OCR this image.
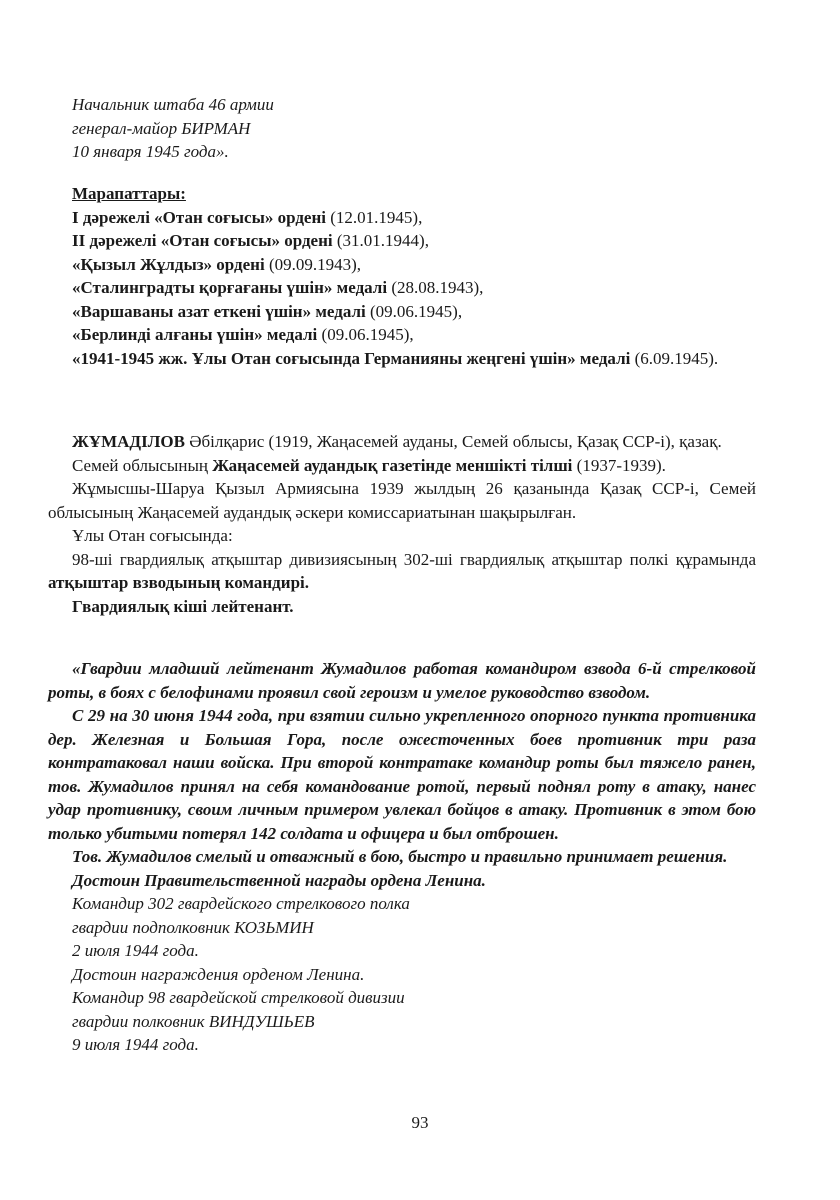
Начальник штаба 46 армии

генерал-майор БИРМАН

10 января 1945 года».

Марапаттары:

І дәрежелі «Отан соғысы» орденi (12.01.1945),

ІІ дәрежелі «Отан соғысы» орденi (31.01.1944),

«Қызыл Жұлдыз» орденi (09.09.1943),

«Сталинградты қорғағаны үшін» медалі (28.08.1943),

«Варшаваны азат еткені үшін» медалі (09.06.1945),

«Берлинді алғаны үшін» медалі (09.06.1945),

«1941-1945 жж. Ұлы Отан соғысында Германияны жеңгені үшін» медалі (6.09.1945).

ЖҰМАДІЛОВ Әбілқарис (1919, Жаңасемей ауданы, Семей облысы, Қазақ ССР-і), қазақ.

Семей облысының Жаңасемей аудандық газетінде меншікті тілші (1937-1939).

Жұмысшы-Шаруа Қызыл Армиясына 1939 жылдың 26 қазанында Қазақ ССР-і, Семей облысының Жаңасемей аудандық әскери комиссариатынан шақырылған.

Ұлы Отан соғысында:

98-ші гвардиялық атқыштар дивизиясының 302-ші гвардиялық атқыштар полкі құрамында атқыштар взводының командирі.

Гвардиялық кіші лейтенант.

«Гвардии младший лейтенант Жумадилов работая командиром взвода 6-й стрелковой роты, в боях с белофинами проявил свой героизм и умелое руководство взводом.

С 29 на 30 июня 1944 года, при взятии сильно укрепленного опорного пункта противника дер. Железная и Большая Гора, после ожесточенных боев противник три раза контратаковал наши войска. При второй контратаке командир роты был тяжело ранен, тов. Жумадилов принял на себя командование ротой, первый поднял роту в атаку, нанес удар противнику, своим личным примером увлекал бойцов в атаку. Противник в этом бою только убитыми потерял 142 солдата и офицера и был отброшен.

Тов. Жумадилов смелый и отважный в бою, быстро и правильно принимает решения.

Достоин Правительственной награды ордена Ленина.

Командир 302 гвардейского стрелкового полка

гвардии подполковник КОЗЬМИН

2 июля 1944 года.

Достоин награждения орденом Ленина.

Командир 98 гвардейской стрелковой дивизии

гвардии полковник ВИНДУШЬЕВ

9 июля 1944 года.

93
